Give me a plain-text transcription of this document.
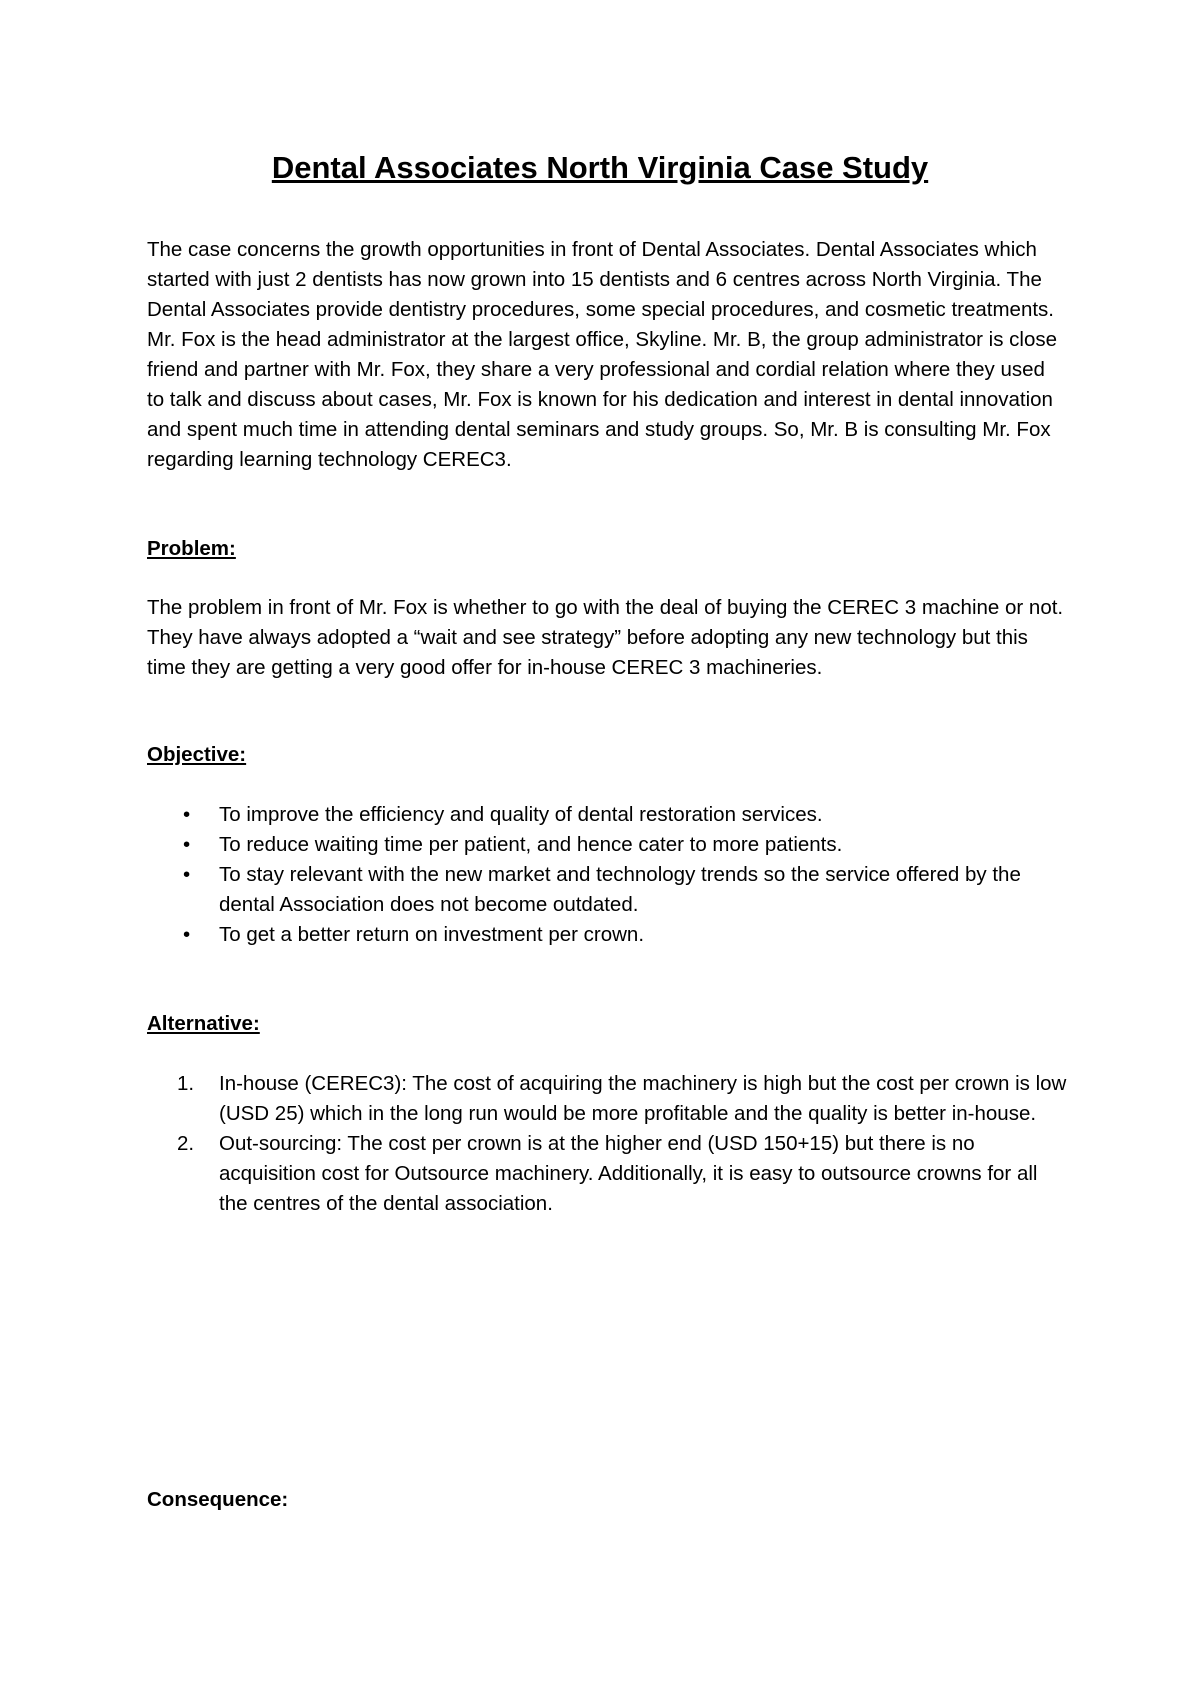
Dental Associates North Virginia Case Study

The case concerns the growth opportunities in front of Dental Associates. Dental Associates which started with just 2 dentists has now grown into 15 dentists and 6 centres across North Virginia. The Dental Associates provide dentistry procedures, some special procedures, and cosmetic treatments. Mr. Fox is the head administrator at the largest office, Skyline. Mr. B, the group administrator is close friend and partner with Mr. Fox, they share a very professional and cordial relation where they used to talk and discuss about cases, Mr. Fox is known for his dedication and interest in dental innovation and spent much time in attending dental seminars and study groups. So, Mr. B is consulting Mr. Fox regarding learning technology CEREC3.

Problem:

The problem in front of Mr. Fox is whether to go with the deal of buying the CEREC 3 machine or not. They have always adopted a “wait and see strategy” before adopting any new technology but this time they are getting a very good offer for in-house CEREC 3 machineries.

Objective:
•	To improve the efficiency and quality of dental restoration services.
•	To reduce waiting time per patient, and hence cater to more patients.
•	To stay relevant with the new market and technology trends so the service offered by the dental Association does not become outdated.
•	To get a better return on investment per crown.
Alternative:
1.	In-house (CEREC3): The cost of acquiring the machinery is high but the cost per crown is low (USD 25) which in the long run would be more profitable and the quality is better in-house.
2.	Out-sourcing: The cost per crown is at the higher end (USD 150+15) but there is no acquisition cost for Outsource machinery. Additionally, it is easy to outsource crowns for all the centres of the dental association.
Consequence:
